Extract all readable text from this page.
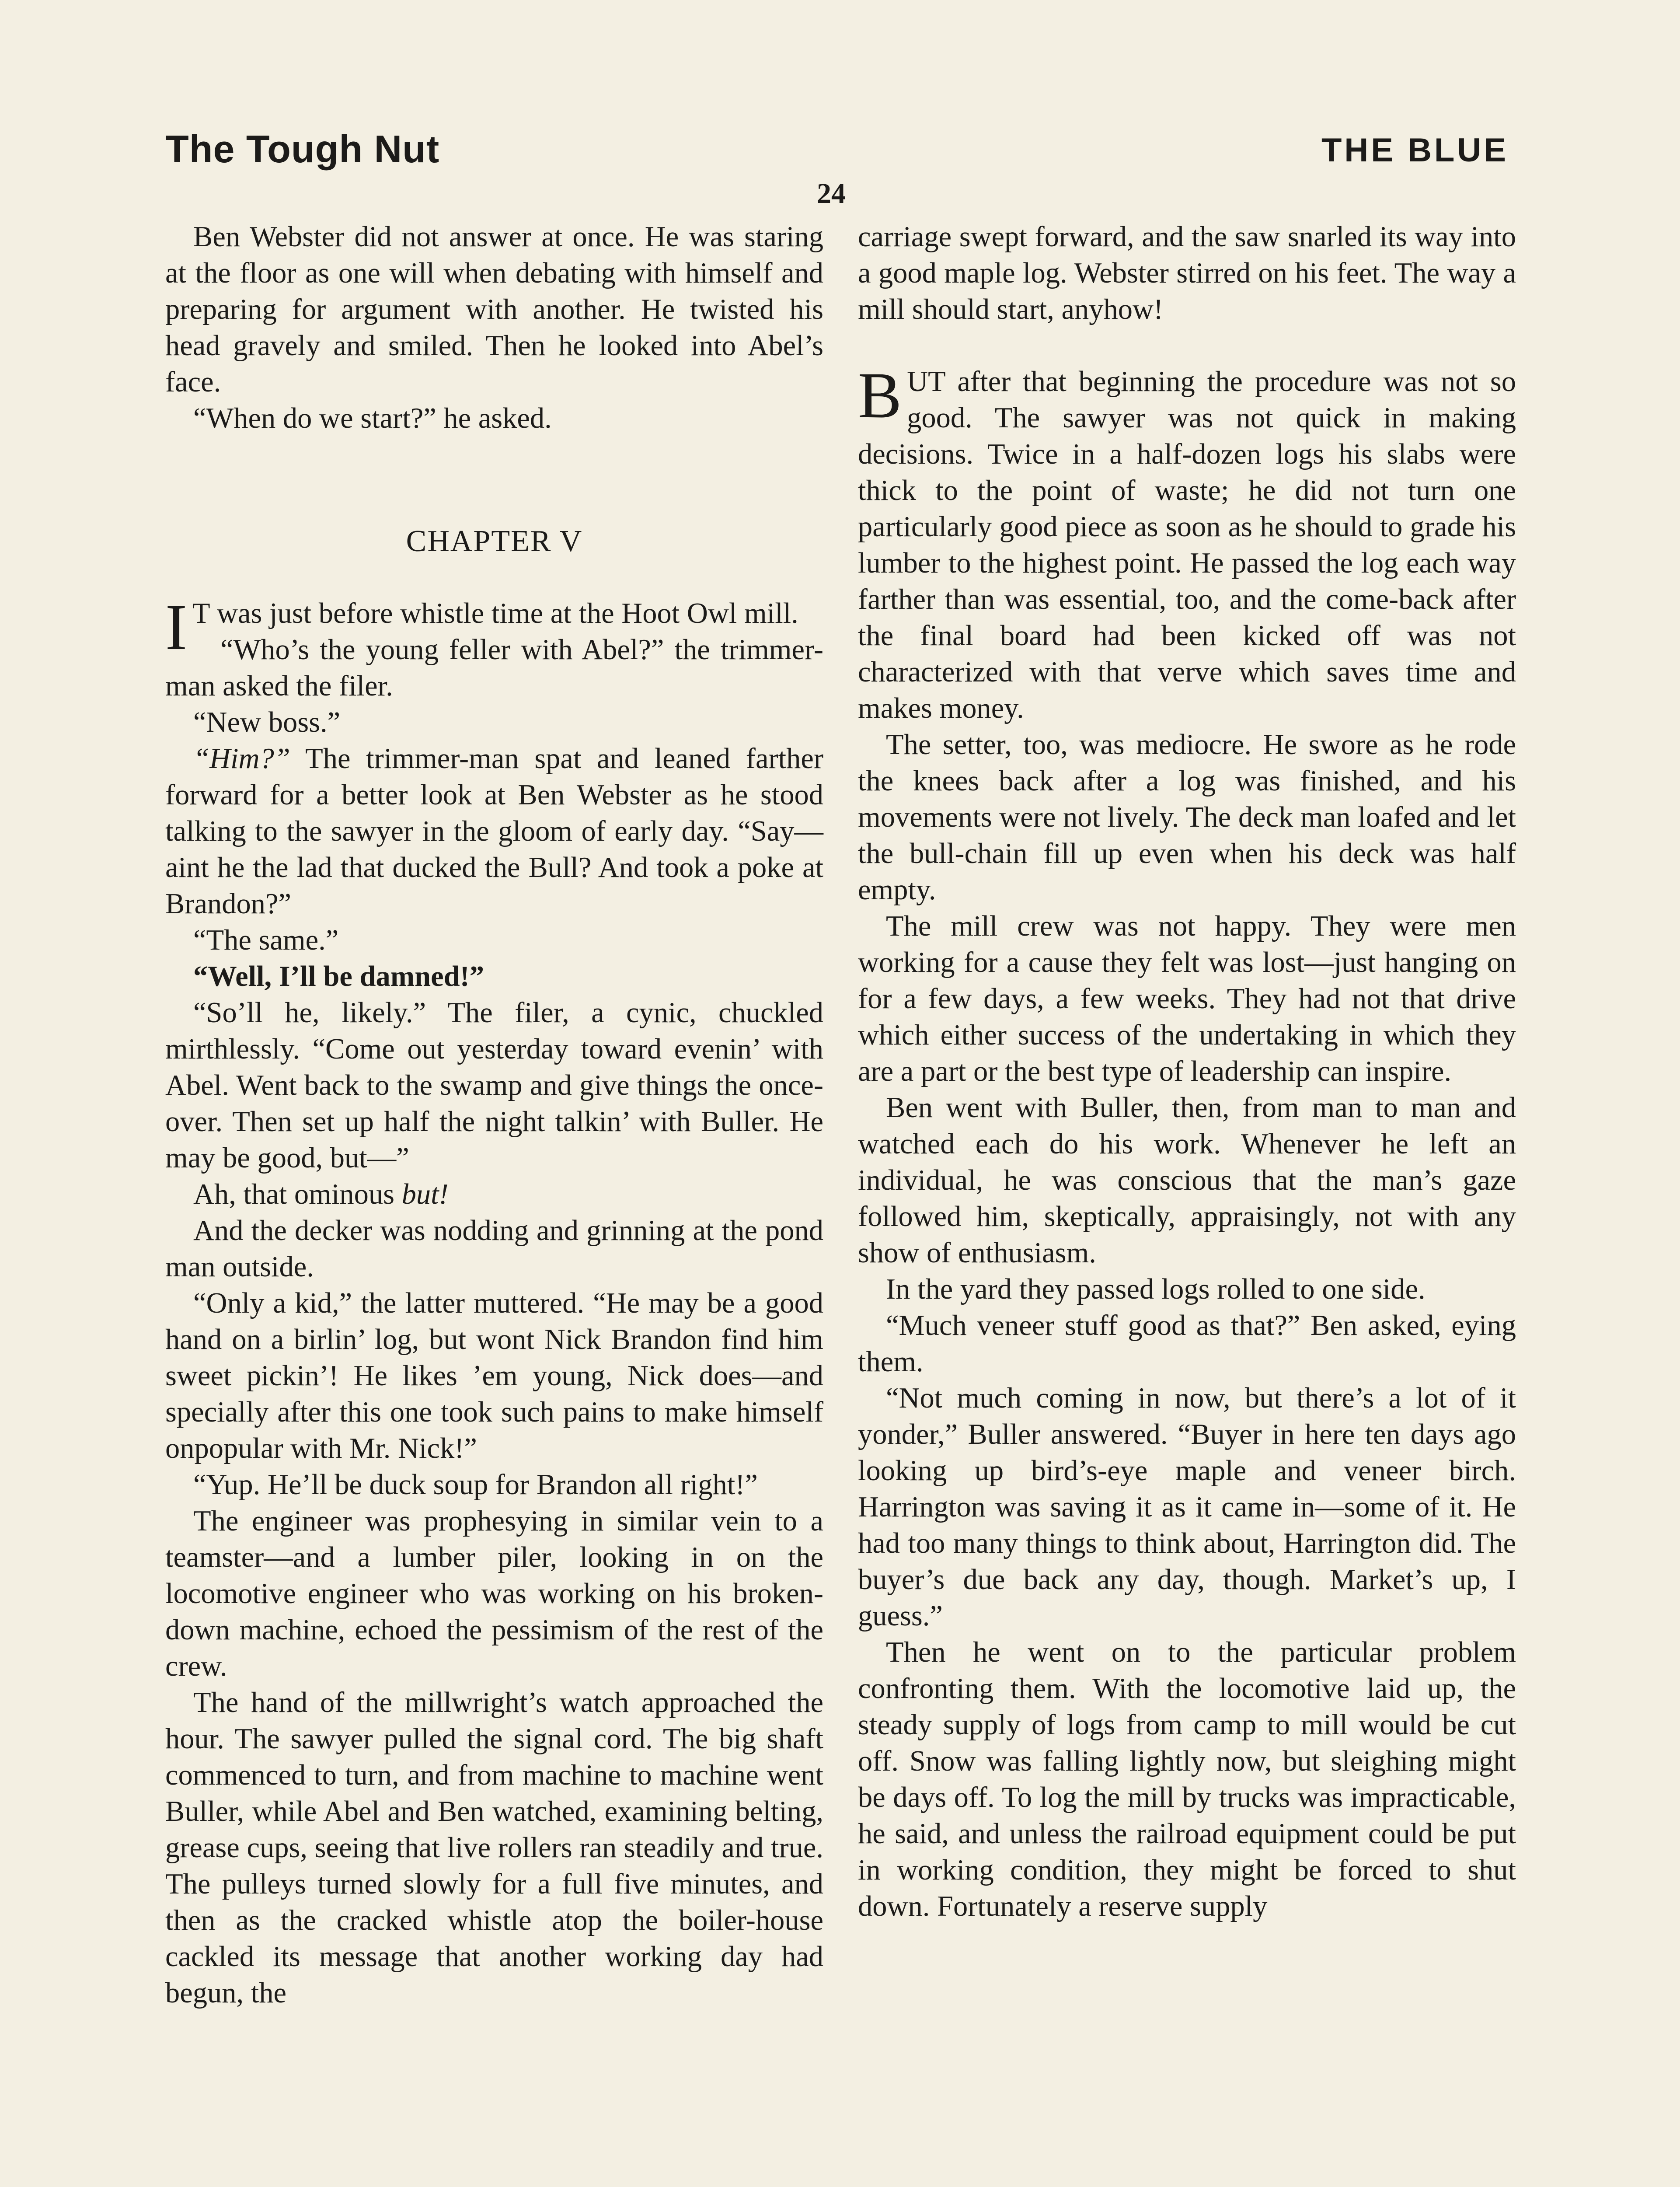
The Tough Nut	THE BLUE
24

Ben Webster did not answer at once. He was staring at the floor as one will when debating with himself and preparing for argument with another. He twisted his head gravely and smiled. Then he looked into Abel’s face.

“When do we start?” he asked.

CHAPTER V

I T was just before whistle time at the Hoot Owl mill.

“Who’s the young feller with Abel?” the trimmer-man asked the filer.

“New boss.”

“Him?” The trimmer-man spat and leaned farther forward for a better look at Ben Webster as he stood talking to the sawyer in the gloom of early day. “Say—aint he the lad that ducked the Bull? And took a poke at Brandon?”

“The same.”

“Well, I’ll be damned!”

“So’ll he, likely.” The filer, a cynic, chuckled mirthlessly. “Come out yesterday toward evenin’ with Abel. Went back to the swamp and give things the once-over. Then set up half the night talkin’ with Buller. He may be good, but—”

Ah, that ominous but!

And the decker was nodding and grinning at the pond man outside.

“Only a kid,” the latter muttered. “He may be a good hand on a birlin’ log, but wont Nick Brandon find him sweet pickin’! He likes ’em young, Nick does—and specially after this one took such pains to make himself onpopular with Mr. Nick!”

“Yup. He’ll be duck soup for Brandon all right!”

The engineer was prophesying in similar vein to a teamster—and a lumber piler, looking in on the locomotive engineer who was working on his broken-down machine, echoed the pessimism of the rest of the crew.

The hand of the millwright’s watch approached the hour. The sawyer pulled the signal cord. The big shaft commenced to turn, and from machine to machine went Buller, while Abel and Ben watched, examining belting, grease cups, seeing that live rollers ran steadily and true. The pulleys turned slowly for a full five minutes, and then as the cracked whistle atop the boiler-house cackled its message that another working day had begun, the

carriage swept forward, and the saw snarled its way into a good maple log. Webster stirred on his feet. The way a mill should start, anyhow!

BUT after that beginning the procedure was not so good. The sawyer was not quick in making decisions. Twice in a half-dozen logs his slabs were thick to the point of waste; he did not turn one particularly good piece as soon as he should to grade his lumber to the highest point. He passed the log each way farther than was essential, too, and the come-back after the final board had been kicked off was not characterized with that verve which saves time and makes money.

The setter, too, was mediocre. He swore as he rode the knees back after a log was finished, and his movements were not lively. The deck man loafed and let the bull-chain fill up even when his deck was half empty.

The mill crew was not happy. They were men working for a cause they felt was lost—just hanging on for a few days, a few weeks. They had not that drive which either success of the undertaking in which they are a part or the best type of leadership can inspire.

Ben went with Buller, then, from man to man and watched each do his work. Whenever he left an individual, he was conscious that the man’s gaze followed him, skeptically, appraisingly, not with any show of enthusiasm.

In the yard they passed logs rolled to one side.

“Much veneer stuff good as that?” Ben asked, eying them.

“Not much coming in now, but there’s a lot of it yonder,” Buller answered. “Buyer in here ten days ago looking up bird’s-eye maple and veneer birch. Harrington was saving it as it came in—some of it. He had too many things to think about, Harrington did. The buyer’s due back any day, though. Market’s up, I guess.”

Then he went on to the particular problem confronting them. With the locomotive laid up, the steady supply of logs from camp to mill would be cut off. Snow was falling lightly now, but sleighing might be days off. To log the mill by trucks was impracticable, he said, and unless the railroad equipment could be put in working condition, they might be forced to shut down. Fortunately a reserve supply
